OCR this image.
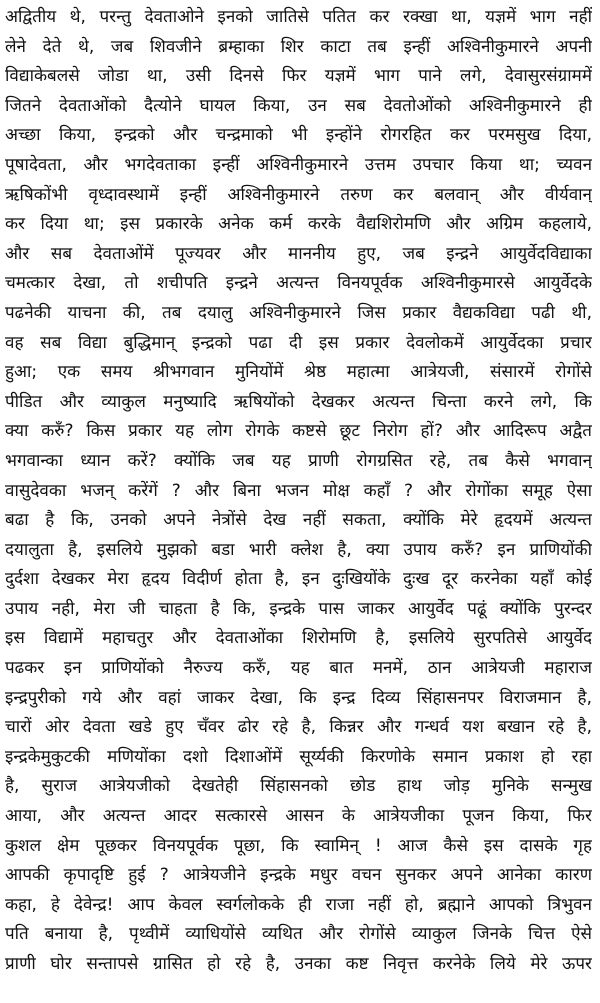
अद्वितीय थे, परन्तु देवताओने इनको जातिसे पतित कर रक्खा था, यज्ञमें भाग नहीं
लेने देते थे, जब शिवजीने ब्रम्हाका शिर काटा तब इन्हीं अश्विनीकुमारने अपनी
विद्याकेबलसे जोडा था, उसी दिनसे फिर यज्ञमें भाग पाने लगे, देवासुरसंग्राममें
जितने देवताओंको दैत्योने घायल किया, उन सब देवतोओंको अश्विनीकुमारने ही
अच्छा किया, इन्द्रको और चन्द्रमाको भी इन्होंने रोगरहित कर परमसुख दिया,
पूषादेवता, और भगदेवताका इन्हीं अश्विनीकुमारने उत्तम उपचार किया था; च्यवन
ऋषिकोंभी वृध्दावस्थामें इन्हीं अश्विनीकुमारने तरुण कर बलवान् और वीर्यवान्
कर दिया था; इस प्रकारके अनेक कर्म करके वैद्यशिरोमणि और अग्रिम कहलाये,
और सब देवताओंमें पूज्यवर और माननीय हुए, जब इन्द्रने आयुर्वेदविद्याका
चमत्कार देखा, तो शचीपति इन्द्रने अत्यन्त विनयपूर्वक अश्विनीकुमारसे आयुर्वेदके
पढनेकी याचना की, तब दयालु अश्विनीकुमारने जिस प्रकार वैद्यकविद्या पढी थी,
वह सब विद्या बुद्धिमान् इन्द्रको पढा दी इस प्रकार देवलोकमें आयुर्वेदका प्रचार
हुआ; एक समय श्रीभगवान मुनियोंमें श्रेष्ठ महात्मा आत्रेयजी, संसारमें रोगोंसे
पीडित और व्याकुल मनुष्यादि ऋषियोंको देखकर अत्यन्त चिन्ता करने लगे, कि
क्या करुँ? किस प्रकार यह लोग रोगके कष्टसे छूट निरोग हों? और आदिरूप अद्वैत
भगवान्का ध्यान करें? क्योंकि जब यह प्राणी रोगग्रसित रहे, तब कैसे भगवान्
वासुदेवका भजन् करेंगें ? और बिना भजन मोक्ष कहाँ ? और रोगोंका समूह ऐसा
बढा है कि, उनको अपने नेत्रोंसे देख नहीं सकता, क्योंकि मेरे हृदयमें अत्यन्त
दयालुता है, इसलिये मुझको बडा भारी क्लेश है, क्या उपाय करुँ? इन प्राणियोंकी
दुर्दशा देखकर मेरा हृदय विदीर्ण होता है, इन दुःखियोंके दुःख दूर करनेका यहाँ कोई
उपाय नही, मेरा जी चाहता है कि, इन्द्रके पास जाकर आयुर्वेद पढूं क्योंकि पुरन्दर
इस विद्यामें महाचतुर और देवताओंका शिरोमणि है, इसलिये सुरपतिसे आयुर्वेद
पढकर इन प्राणियोंको नैरुज्य करुँ, यह बात मनमें, ठान आत्रेयजी महाराज
इन्द्रपुरीको गये और वहां जाकर देखा, कि इन्द्र दिव्य सिंहासनपर विराजमान है,
चारों ओर देवता खडे हुए चँवर ढोर रहे है, किन्नर और गन्धर्व यश बखान रहे है,
इन्द्रकेमुकुटकी मणियोंका दशो दिशाओंमें सूर्य्यकी किरणोके समान प्रकाश हो रहा
है, सुराज आत्रेयजीको देखतेही सिंहासनको छोड हाथ जोड़ मुनिके सन्मुख
आया, और अत्यन्त आदर सत्कारसे आसन के आत्रेयजीका पूजन किया, फिर
कुशल क्षेम पूछकर विनयपूर्वक पूछा, कि स्वामिन् ! आज कैसे इस दासके गृह
आपकी कृपादृष्टि हुई ? आत्रेयजीने इन्द्रके मधुर वचन सुनकर अपने आनेका कारण
कहा, हे देवेन्द्र! आप केवल स्वर्गलोकके ही राजा नहीं हो, ब्रह्माने आपको त्रिभुवन
पति बनाया है, पृथ्वीमें व्याधियोंसे व्यथित और रोगोंसे व्याकुल जिनके चित्त ऐसे
प्राणी घोर सन्तापसे ग्रासित हो रहे है, उनका कष्ट निवृत्त करनेके लिये मेरे ऊपर
